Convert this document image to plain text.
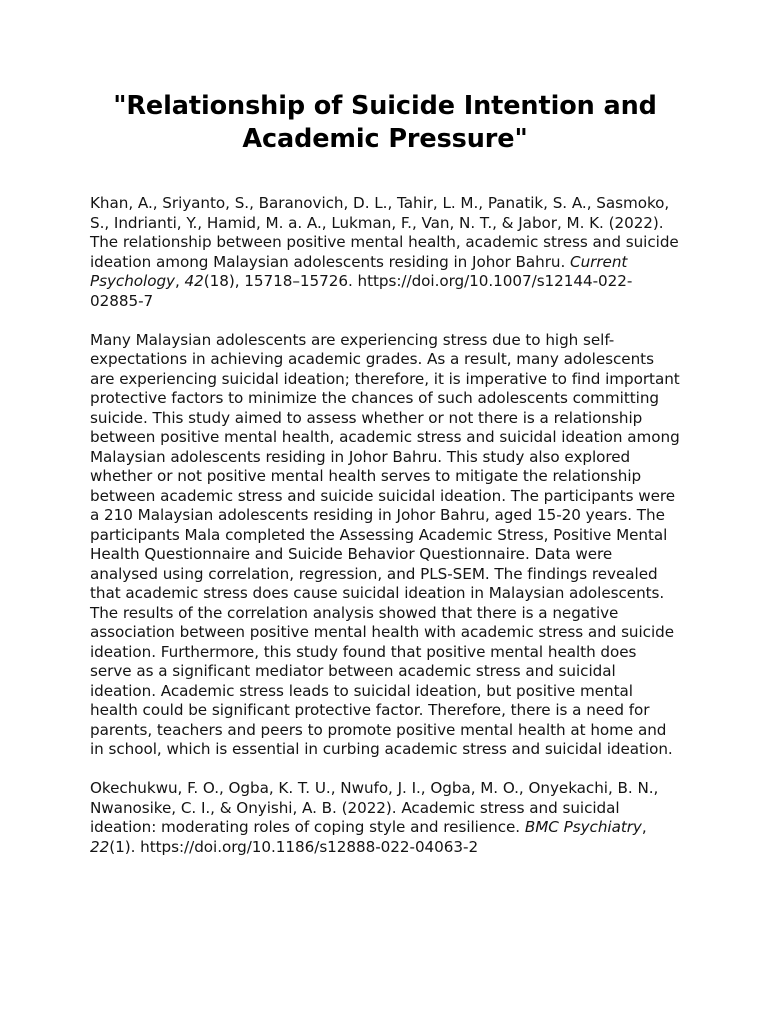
"Relationship of Suicide Intention and Academic Pressure"

Khan, A., Sriyanto, S., Baranovich, D. L., Tahir, L. M., Panatik, S. A., Sasmoko, S., Indrianti, Y., Hamid, M. a. A., Lukman, F., Van, N. T., & Jabor, M. K. (2022). The relationship between positive mental health, academic stress and suicide ideation among Malaysian adolescents residing in Johor Bahru. Current Psychology, 42(18), 15718–15726. https://doi.org/10.1007/s12144-022-02885-7

Many Malaysian adolescents are experiencing stress due to high self-expectations in achieving academic grades. As a result, many adolescents are experiencing suicidal ideation; therefore, it is imperative to find important protective factors to minimize the chances of such adolescents committing suicide. This study aimed to assess whether or not there is a relationship between positive mental health, academic stress and suicidal ideation among Malaysian adolescents residing in Johor Bahru. This study also explored whether or not positive mental health serves to mitigate the relationship between academic stress and suicide suicidal ideation. The participants were a 210 Malaysian adolescents residing in Johor Bahru, aged 15-20 years. The participants Mala completed the Assessing Academic Stress, Positive Mental Health Questionnaire and Suicide Behavior Questionnaire. Data were analysed using correlation, regression, and PLS-SEM. The findings revealed that academic stress does cause suicidal ideation in Malaysian adolescents. The results of the correlation analysis showed that there is a negative association between positive mental health with academic stress and suicide ideation. Furthermore, this study found that positive mental health does serve as a significant mediator between academic stress and suicidal ideation. Academic stress leads to suicidal ideation, but positive mental health could be significant protective factor. Therefore, there is a need for parents, teachers and peers to promote positive mental health at home and in school, which is essential in curbing academic stress and suicidal ideation.

Okechukwu, F. O., Ogba, K. T. U., Nwufo, J. I., Ogba, M. O., Onyekachi, B. N., Nwanosike, C. I., & Onyishi, A. B. (2022). Academic stress and suicidal ideation: moderating roles of coping style and resilience. BMC Psychiatry, 22(1). https://doi.org/10.1186/s12888-022-04063-2
